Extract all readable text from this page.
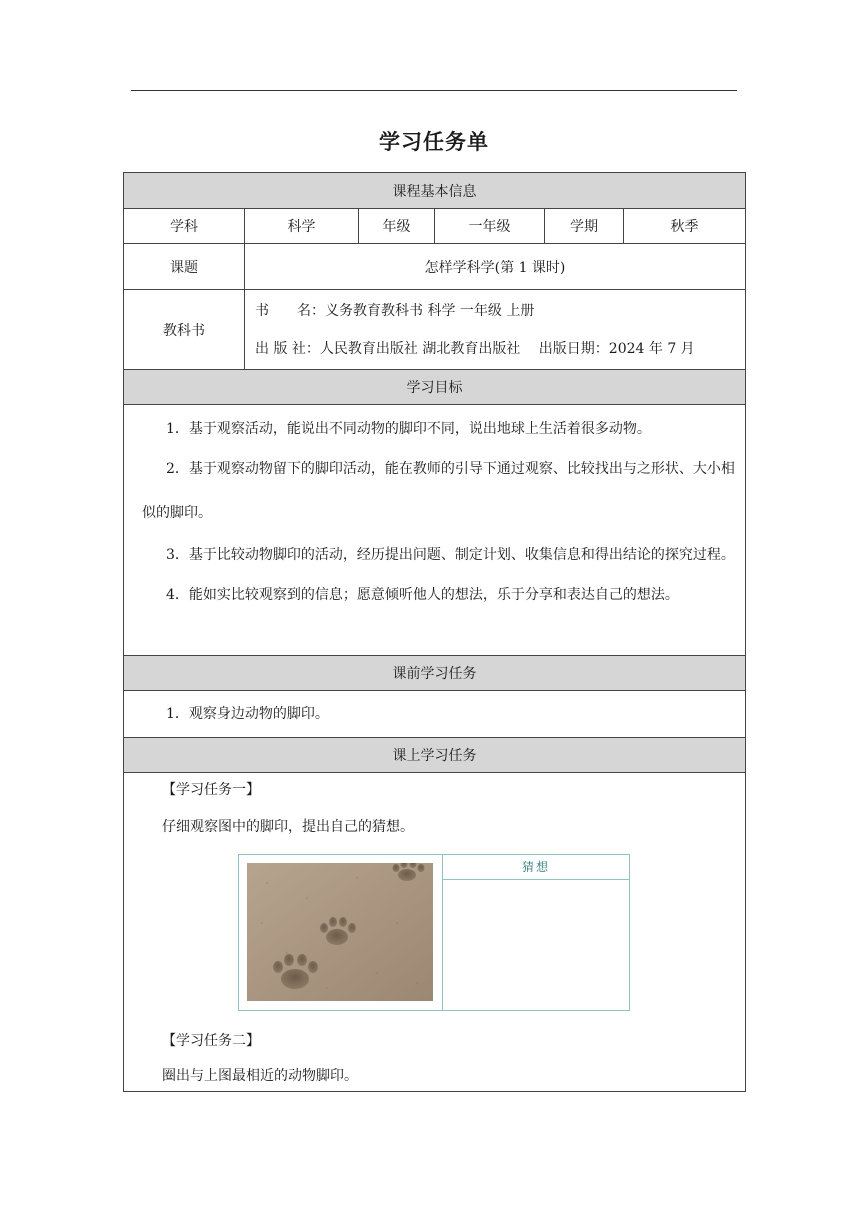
学习任务单
课程基本信息					
学科	科学	年级	一年级	学期	秋季
课题	怎样学科学(第 1 课时)				
教科书	书　　名：义务教育教科书 科学 一年级 上册
出 版 社：人民教育出版社 湖北教育出版社　 出版日期：2024 年 7 月				

学习目标					

1．基于观察活动，能说出不同动物的脚印不同，说出地球上生活着很多动物。

2．基于观察动物留下的脚印活动，能在教师的引导下通过观察、比较找出与之形状、大小相似的脚印。

3．基于比较动物脚印的活动，经历提出问题、制定计划、收集信息和得出结论的探究过程。

4．能如实比较观察到的信息；愿意倾听他人的想法，乐于分享和表达自己的想法。					

课前学习任务					

1．观察身边动物的脚印。					

课上学习任务					

【学习任务一】
仔细观察图中的脚印，提出自己的猜想。
猜想
【学习任务二】
圈出与上图最相近的动物脚印。					
